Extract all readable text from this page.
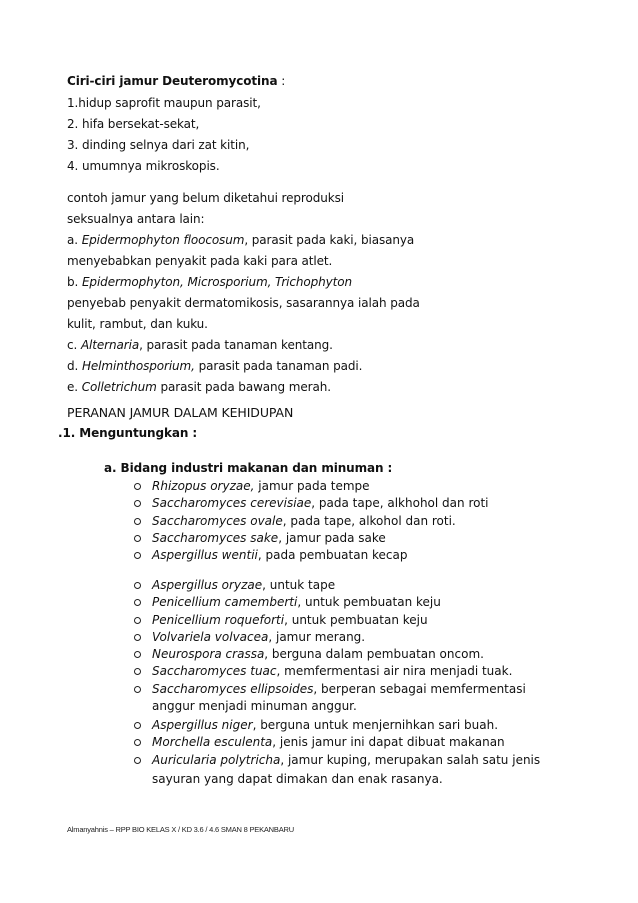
Ciri-ciri jamur Deuteromycotina :
1.hidup saprofit maupun parasit,
2. hifa bersekat-sekat,
3. dinding selnya dari zat kitin,
4. umumnya mikroskopis.
contoh jamur yang belum diketahui reproduksi
seksualnya antara lain:
a. Epidermophyton floocosum, parasit pada kaki, biasanya
menyebabkan penyakit pada kaki para atlet.
b. Epidermophyton, Microsporium, Trichophyton
penyebab penyakit dermatomikosis, sasarannya ialah pada
kulit, rambut, dan kuku.
c. Alternaria, parasit pada tanaman kentang.
d. Helminthosporium, parasit pada tanaman padi.
e. Colletrichum parasit pada bawang merah.
PERANAN JAMUR DALAM KEHIDUPAN
.1. Menguntungkan :
a. Bidang industri makanan dan minuman :
Rhizopus oryzae, jamur pada tempe
Saccharomyces cerevisiae, pada tape, alkhohol dan roti
Saccharomyces ovale, pada tape, alkohol dan roti.
Saccharomyces sake, jamur pada sake
Aspergillus wentii, pada pembuatan kecap
Aspergillus oryzae, untuk tape
Penicellium camemberti, untuk pembuatan keju
Penicellium roqueforti, untuk pembuatan keju
Volvariela volvacea, jamur merang.
Neurospora crassa, berguna dalam pembuatan oncom.
Saccharomyces tuac, memfermentasi air nira menjadi tuak.
Saccharomyces ellipsoides, berperan sebagai memfermentasi
anggur menjadi minuman anggur.
Aspergillus niger, berguna untuk menjernihkan sari buah.
Morchella esculenta, jenis jamur ini dapat dibuat makanan
Auricularia polytricha, jamur kuping, merupakan salah satu jenis
sayuran yang dapat dimakan dan enak rasanya.
Almanyahnis – RPP BIO KELAS X / KD 3.6 / 4.6 SMAN 8 PEKANBARU
